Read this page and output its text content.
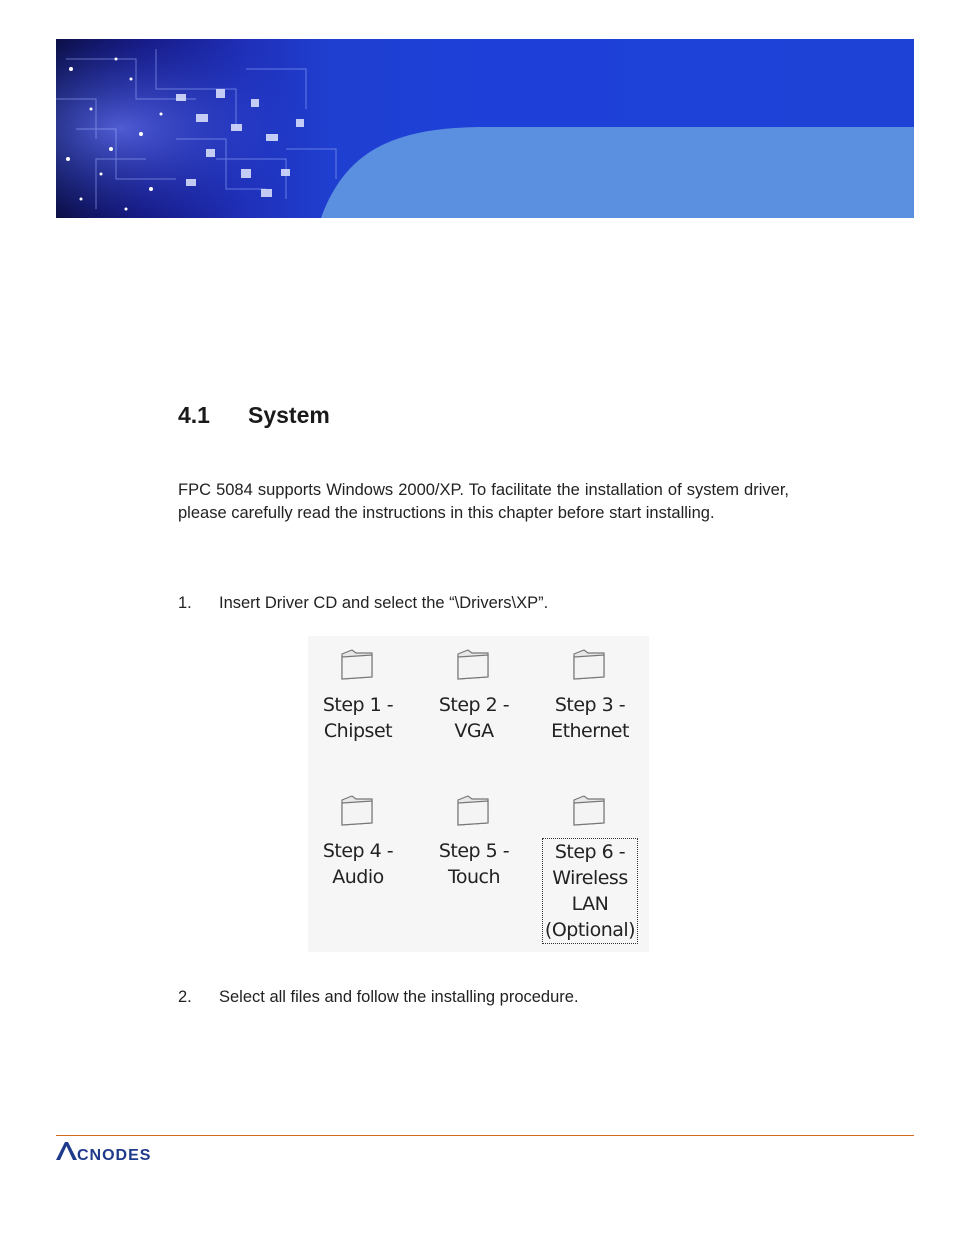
4.1 System

FPC 5084 supports Windows 2000/XP. To facilitate the installation of system driver, please carefully read the instructions in this chapter before start installing.

1. Insert Driver CD and select the “\Drivers\XP”.

Step 1 -
Chipset
Step 2 -
VGA
Step 3 -
Ethernet
Step 4 -
Audio
Step 5 -
Touch
Step 6 -
Wireless
LAN
(Optional)

2. Select all files and follow the installing procedure.

CNODES
